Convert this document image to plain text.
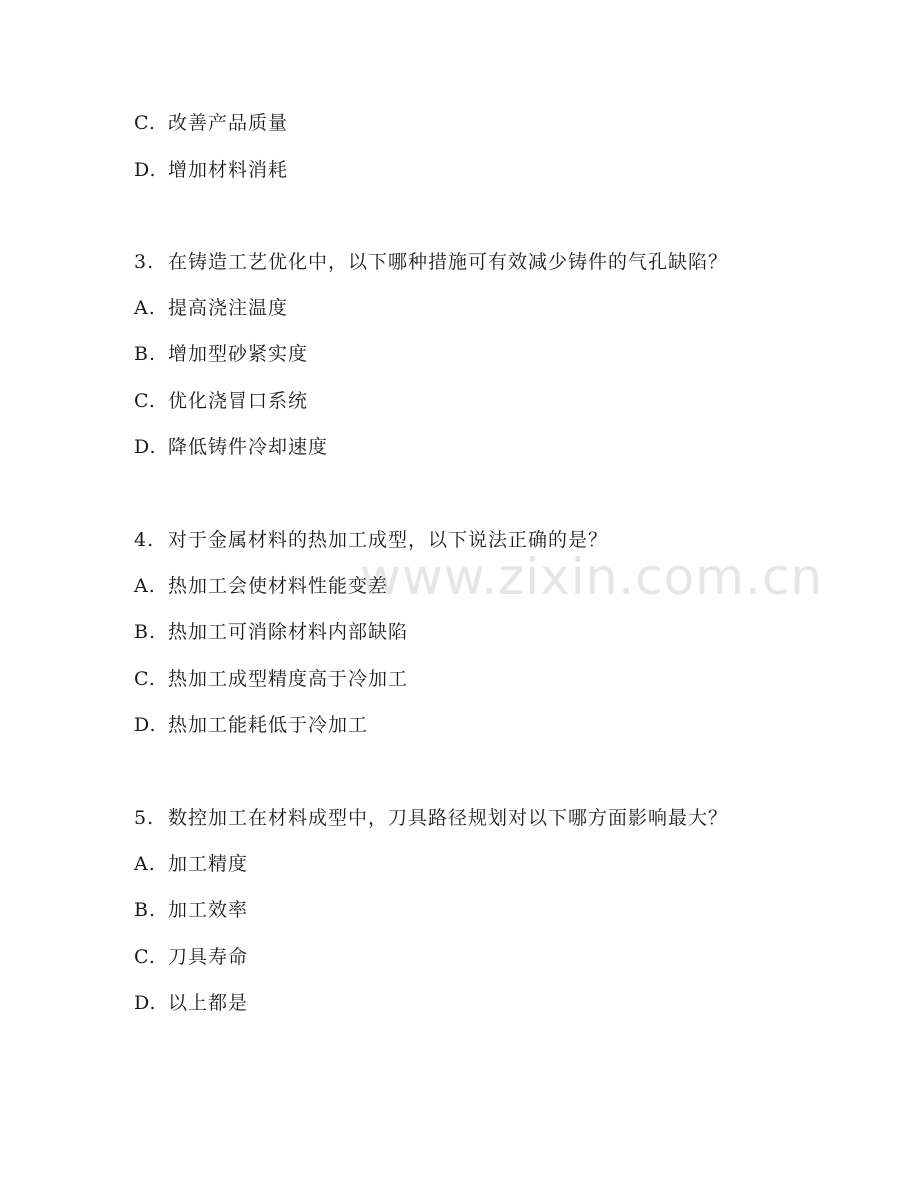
www.zixin.com.cn
C. 改善产品质量
D. 增加材料消耗
3. 在铸造工艺优化中，以下哪种措施可有效减少铸件的气孔缺陷？
A. 提高浇注温度
B. 增加型砂紧实度
C. 优化浇冒口系统
D. 降低铸件冷却速度
4. 对于金属材料的热加工成型，以下说法正确的是？
A. 热加工会使材料性能变差
B. 热加工可消除材料内部缺陷
C. 热加工成型精度高于冷加工
D. 热加工能耗低于冷加工
5. 数控加工在材料成型中，刀具路径规划对以下哪方面影响最大？
A. 加工精度
B. 加工效率
C. 刀具寿命
D. 以上都是
